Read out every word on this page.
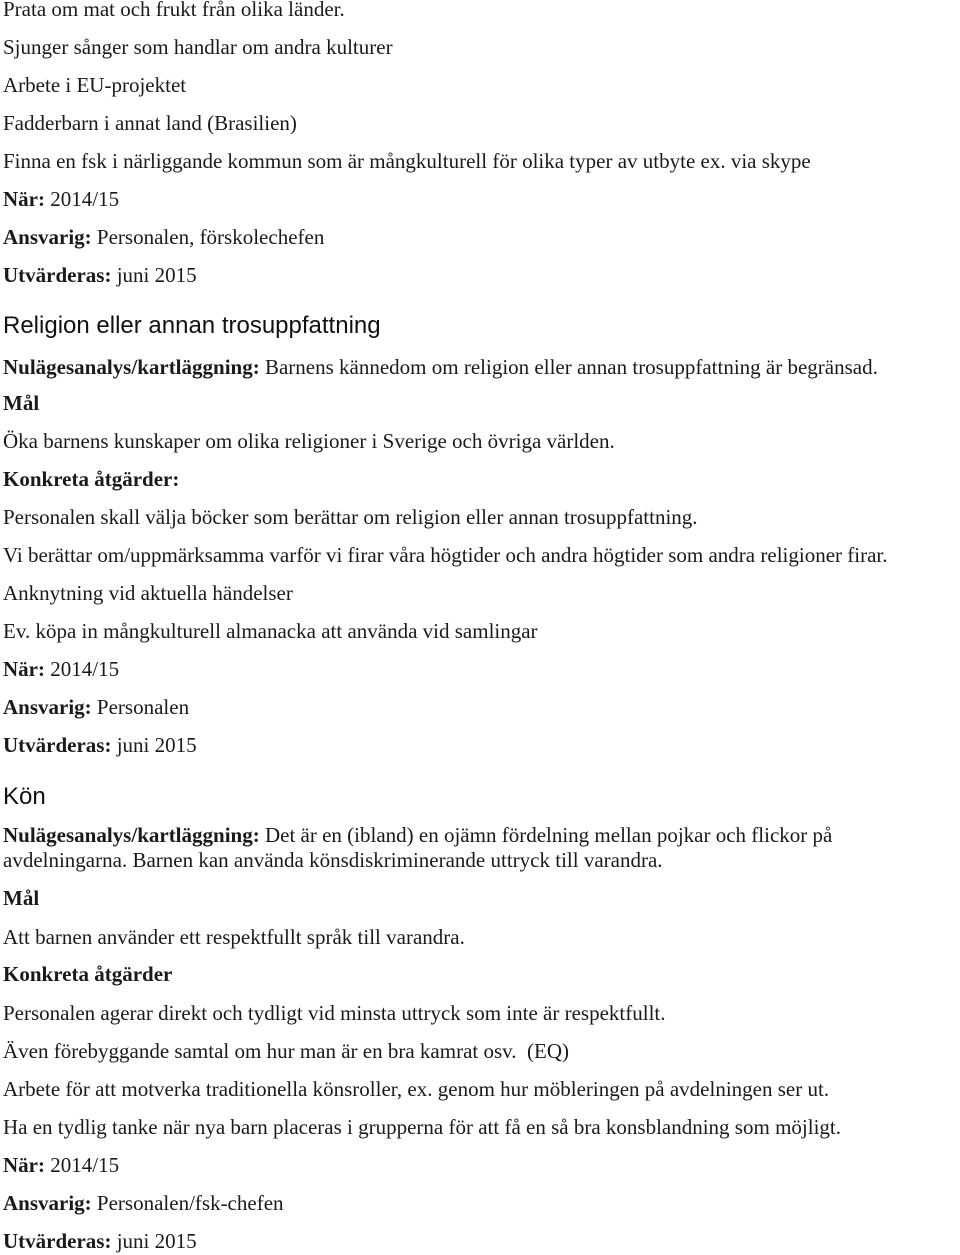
Prata om mat och frukt från olika länder.
Sjunger sånger som handlar om andra kulturer
Arbete i EU-projektet
Fadderbarn i annat land (Brasilien)
Finna en fsk i närliggande kommun som är mångkulturell för olika typer av utbyte ex. via skype
När: 2014/15
Ansvarig: Personalen, förskolechefen
Utvärderas: juni 2015
Religion eller annan trosuppfattning
Nulägesanalys/kartläggning: Barnens kännedom om religion eller annan trosuppfattning är begränsad.
Mål
Öka barnens kunskaper om olika religioner i Sverige och övriga världen.
Konkreta åtgärder:
Personalen skall välja böcker som berättar om religion eller annan trosuppfattning.
Vi berättar om/uppmärksamma varför vi firar våra högtider och andra högtider som andra religioner firar.
Anknytning vid aktuella händelser
Ev. köpa in mångkulturell almanacka att använda vid samlingar
När: 2014/15
Ansvarig: Personalen
Utvärderas: juni 2015
Kön
Nulägesanalys/kartläggning: Det är en (ibland) en ojämn fördelning mellan pojkar och flickor på
avdelningarna. Barnen kan använda könsdiskriminerande uttryck till varandra.
Mål
Att barnen använder ett respektfullt språk till varandra.
Konkreta åtgärder
Personalen agerar direkt och tydligt vid minsta uttryck som inte är respektfullt.
Även förebyggande samtal om hur man är en bra kamrat osv.  (EQ)
Arbete för att motverka traditionella könsroller, ex. genom hur möbleringen på avdelningen ser ut.
Ha en tydlig tanke när nya barn placeras i grupperna för att få en så bra konsblandning som möjligt.
När: 2014/15
Ansvarig: Personalen/fsk-chefen
Utvärderas: juni 2015
